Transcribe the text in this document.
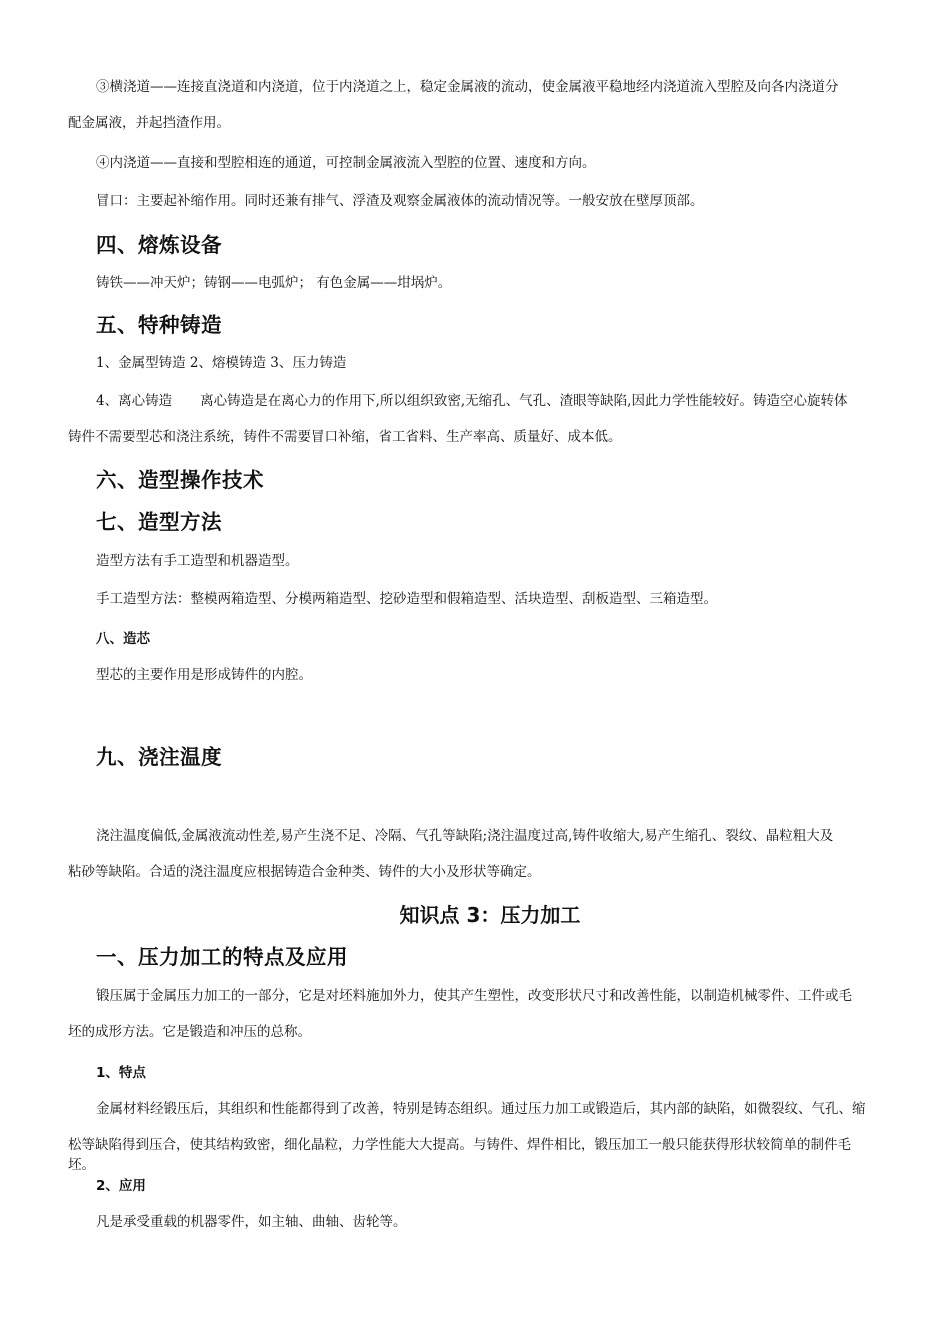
③横浇道——连接直浇道和内浇道，位于内浇道之上，稳定金属液的流动，使金属液平稳地经内浇道流入型腔及向各内浇道分
配金属液，并起挡渣作用。

④内浇道——直接和型腔相连的通道，可控制金属液流入型腔的位置、速度和方向。

冒口：主要起补缩作用。同时还兼有排气、浮渣及观察金属液体的流动情况等。一般安放在壁厚顶部。

四、熔炼设备

铸铁——冲天炉；铸钢——电弧炉； 有色金属——坩埚炉。

五、特种铸造

1、金属型铸造 2、熔模铸造 3、压力铸造

4、离心铸造 离心铸造是在离心力的作用下,所以组织致密,无缩孔、气孔、渣眼等缺陷,因此力学性能较好。铸造空心旋转体
铸件不需要型芯和浇注系统，铸件不需要冒口补缩，省工省料、生产率高、质量好、成本低。

六、造型操作技术
七、造型方法

造型方法有手工造型和机器造型。

手工造型方法：整模两箱造型、分模两箱造型、挖砂造型和假箱造型、活块造型、刮板造型、三箱造型。

八、造芯

型芯的主要作用是形成铸件的内腔。

九、浇注温度

浇注温度偏低,金属液流动性差,易产生浇不足、冷隔、气孔等缺陷;浇注温度过高,铸件收缩大,易产生缩孔、裂纹、晶粒粗大及
粘砂等缺陷。合适的浇注温度应根据铸造合金种类、铸件的大小及形状等确定。

知识点 3：压力加工
一、压力加工的特点及应用

锻压属于金属压力加工的一部分，它是对坯料施加外力，使其产生塑性，改变形状尺寸和改善性能，以制造机械零件、工件或毛
坯的成形方法。它是锻造和冲压的总称。

1、特点

金属材料经锻压后，其组织和性能都得到了改善，特别是铸态组织。通过压力加工或锻造后，其内部的缺陷，如微裂纹、气孔、缩
松等缺陷得到压合，使其结构致密，细化晶粒，力学性能大大提高。与铸件、焊件相比，锻压加工一般只能获得形状较简单的制件毛坯。

2、应用

凡是承受重载的机器零件，如主轴、曲轴、齿轮等。
